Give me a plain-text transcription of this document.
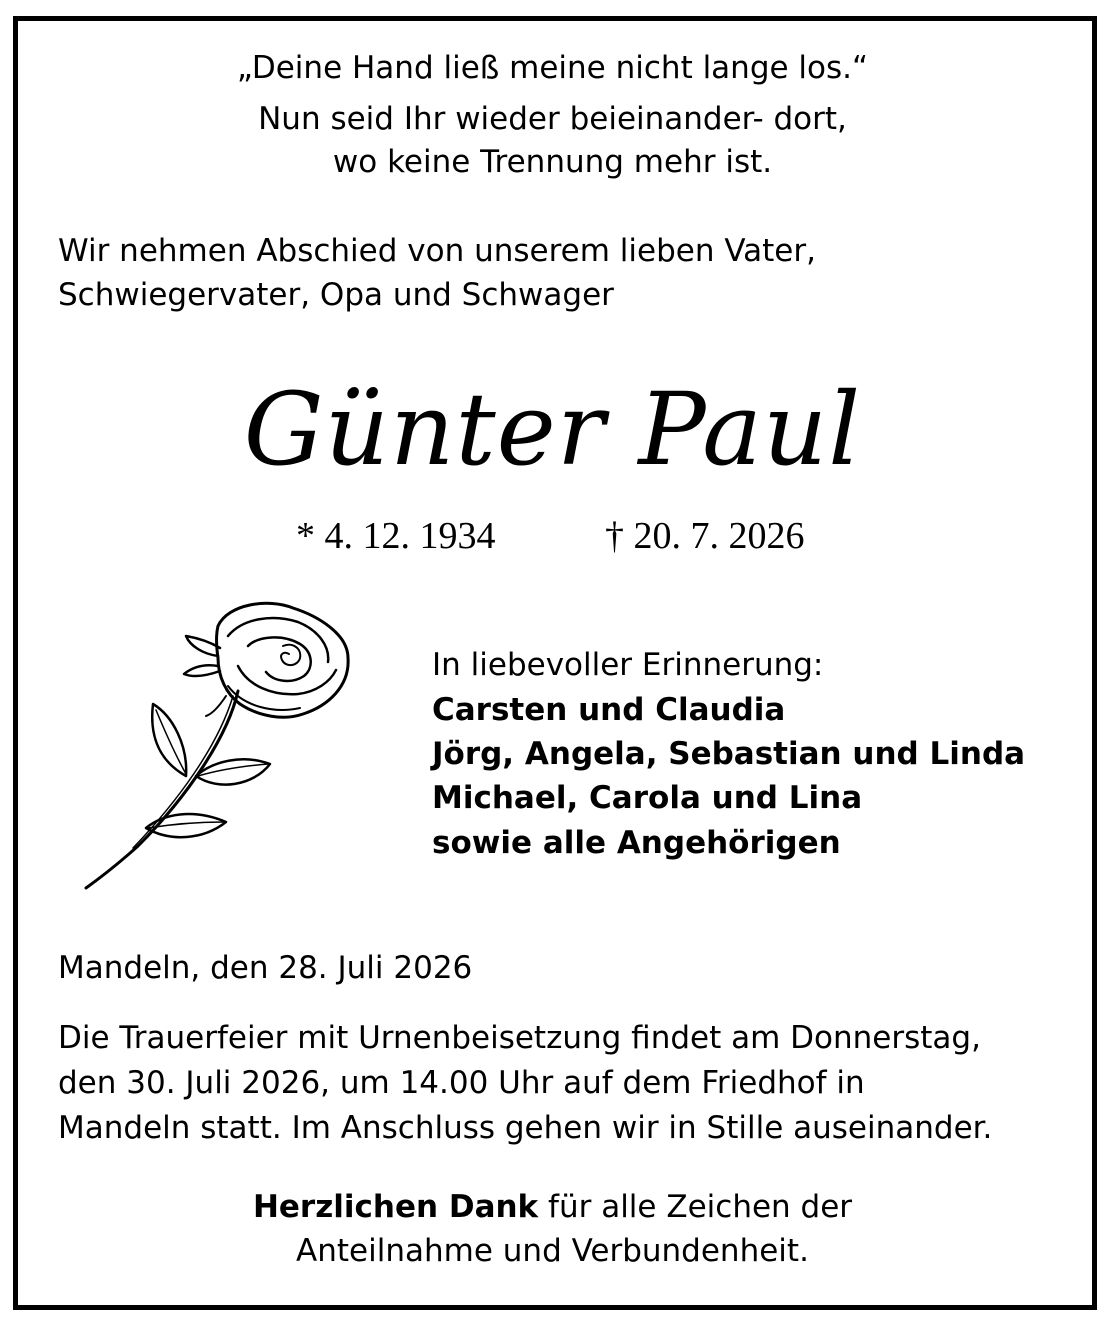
„Deine Hand ließ meine nicht lange los.“
Nun seid Ihr wieder beieinander- dort,
wo keine Trennung mehr ist.
Wir nehmen Abschied von unserem lieben Vater,
Schwiegervater, Opa und Schwager
Günter Paul
* 4. 12. 1934	† 20. 7. 2026
In liebevoller Erinnerung:
Carsten und Claudia
Jörg, Angela, Sebastian und Linda
Michael, Carola und Lina
sowie alle Angehörigen
Mandeln, den 28. Juli 2026
Die Trauerfeier mit Urnenbeisetzung findet am Donnerstag,
den 30. Juli 2026, um 14.00 Uhr auf dem Friedhof in
Mandeln statt. Im Anschluss gehen wir in Stille auseinander.
Herzlichen Dank für alle Zeichen der
Anteilnahme und Verbundenheit.
